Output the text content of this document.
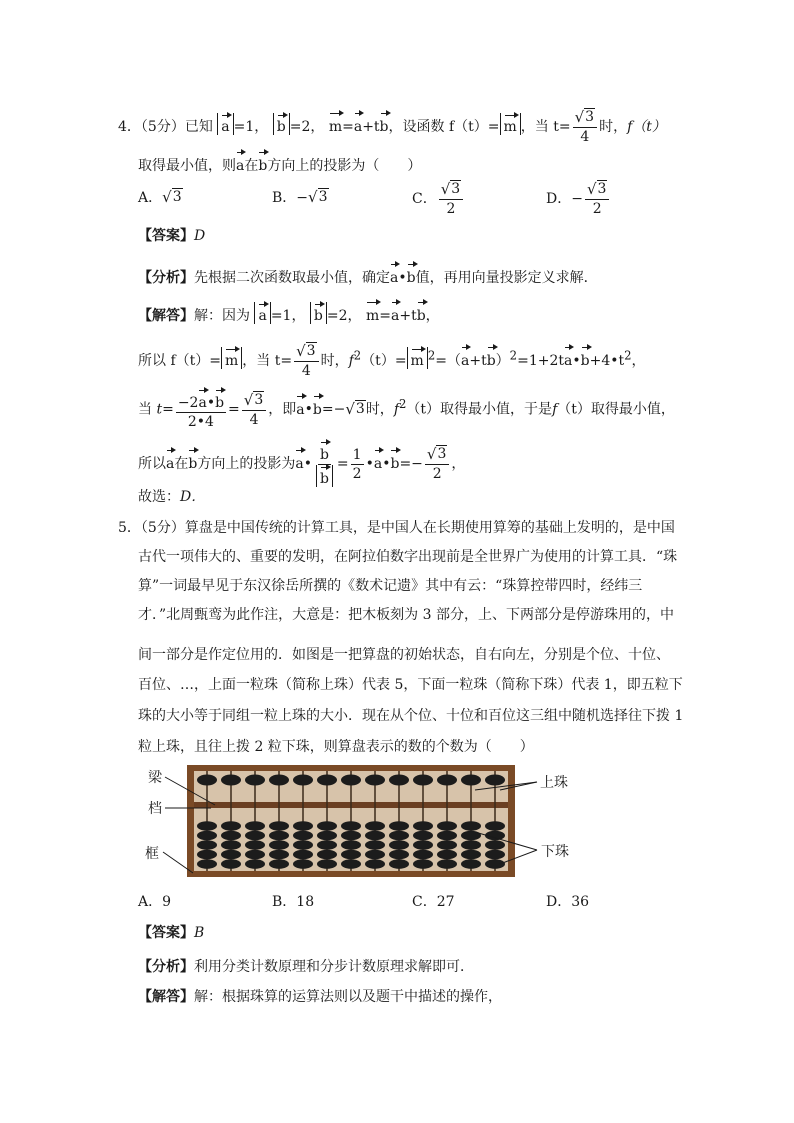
4．（5分）已知 a =1， b =2， m=a+tb，设函数 f（t）= m ，当 $t= \frac{√ 3}{4}$ 时，f（t）
取得最小值，则a在b方向上的投影为（　　）
A． √ 3	B．− √ 3	C． $\frac{√ 3}{2}$	D．− $\frac{√ 3}{2}$
【答案】D
【分析】先根据二次函数取最小值，确定a•b值，再用向量投影定义求解．
【解答】解：因为 a =1， b =2， m=a+tb，
所以 f（t）= m ，当 $t= \frac{√ 3}{4}$ 时，$f^2(t)= m$ $^2=(a+tb)^2=1+2ta•b+4•t^2$，
当 $t= \frac{-2a•b}{2•4} = \frac{√ 3}{4}$ ，即a•b=− √ 3 时，$f^2(t)$取得最小值，于是f（t）取得最小值，
所以a在b方向上的投影为a• $\frac{b}{b} = \frac{1}{2}$ •a•b=− $\frac{√ 3}{2}$ ，
故选：D．
5．（5分）算盘是中国传统的计算工具，是中国人在长期使用算筹的基础上发明的，是中国
古代一项伟大的、重要的发明，在阿拉伯数字出现前是全世界广为使用的计算工具．“珠
算”一词最早见于东汉徐岳所撰的《数术记遗》其中有云：“珠算控带四时，经纬三
才．”北周甄鸾为此作注，大意是：把木板刻为 3 部分，上、下两部分是停游珠用的，中
间一部分是作定位用的．如图是一把算盘的初始状态，自右向左，分别是个位、十位、
百位、…，上面一粒珠（简称上珠）代表 5，下面一粒珠（简称下珠）代表 1，即五粒下
珠的大小等于同组一粒上珠的大小．现在从个位、十位和百位这三组中随机选择往下拨 1
粒上珠，且往上拨 2 粒下珠，则算盘表示的数的个数为（　　）
梁
档
框
上珠
下珠
A．9	B．18	C．27	D．36
【答案】B
【分析】利用分类计数原理和分步计数原理求解即可．
【解答】解：根据珠算的运算法则以及题干中描述的操作，
